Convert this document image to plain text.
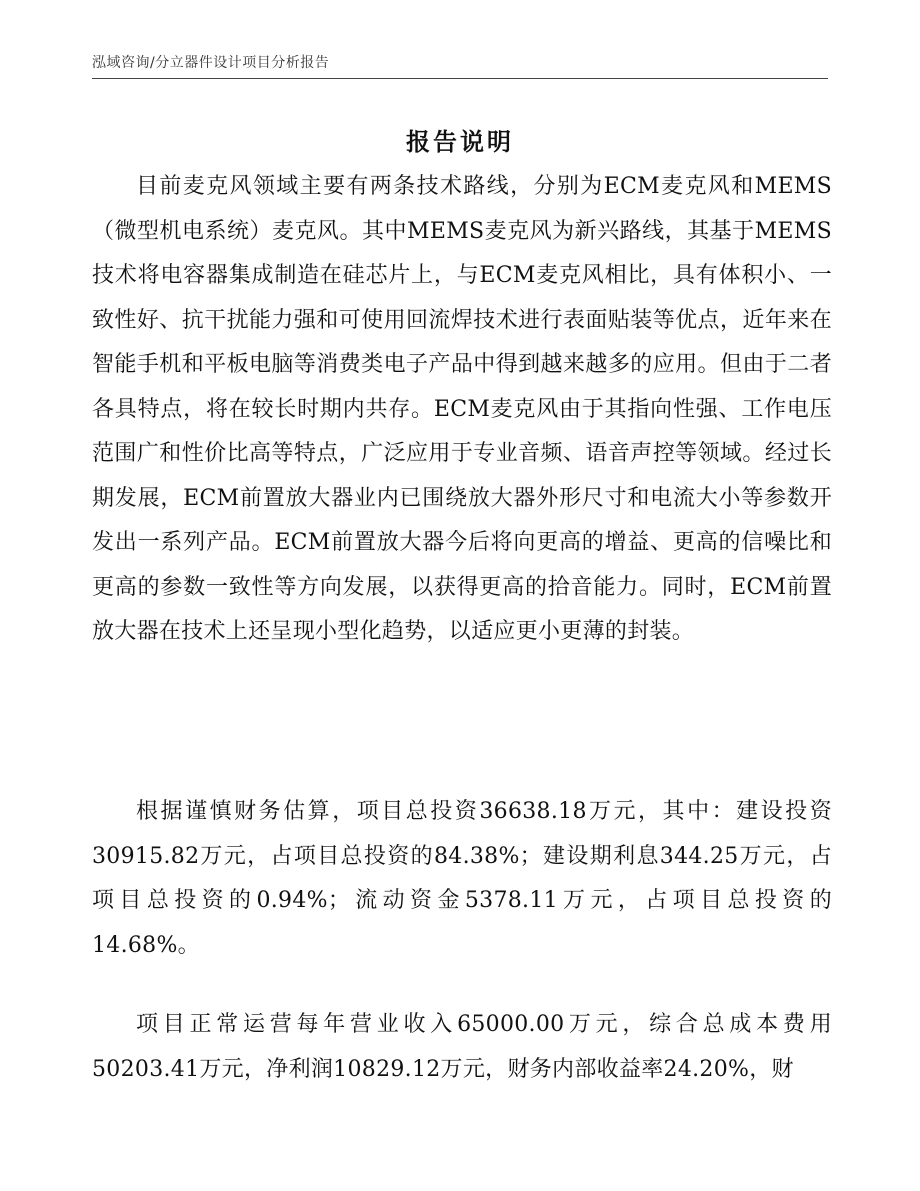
泓域咨询/分立器件设计项目分析报告
报告说明

目前麦克风领域主要有两条技术路线，分别为ECM麦克风和MEMS（微型机电系统）麦克风。其中MEMS麦克风为新兴路线，其基于MEMS技术将电容器集成制造在硅芯片上，与ECM麦克风相比，具有体积小、一致性好、抗干扰能力强和可使用回流焊技术进行表面贴装等优点，近年来在智能手机和平板电脑等消费类电子产品中得到越来越多的应用。但由于二者各具特点，将在较长时期内共存。ECM麦克风由于其指向性强、工作电压范围广和性价比高等特点，广泛应用于专业音频、语音声控等领域。经过长期发展，ECM前置放大器业内已围绕放大器外形尺寸和电流大小等参数开发出一系列产品。ECM前置放大器今后将向更高的增益、更高的信噪比和更高的参数一致性等方向发展，以获得更高的拾音能力。同时，ECM前置放大器在技术上还呈现小型化趋势，以适应更小更薄的封装。

根据谨慎财务估算，项目总投资36638.18万元，其中：建设投资30915.82万元，占项目总投资的84.38%；建设期利息344.25万元，占项目总投资的0.94%；流动资金5378.11万元，占项目总投资的14.68%。

项目正常运营每年营业收入65000.00万元，综合总成本费用50203.41万元，净利润10829.12万元，财务内部收益率24.20%，财
